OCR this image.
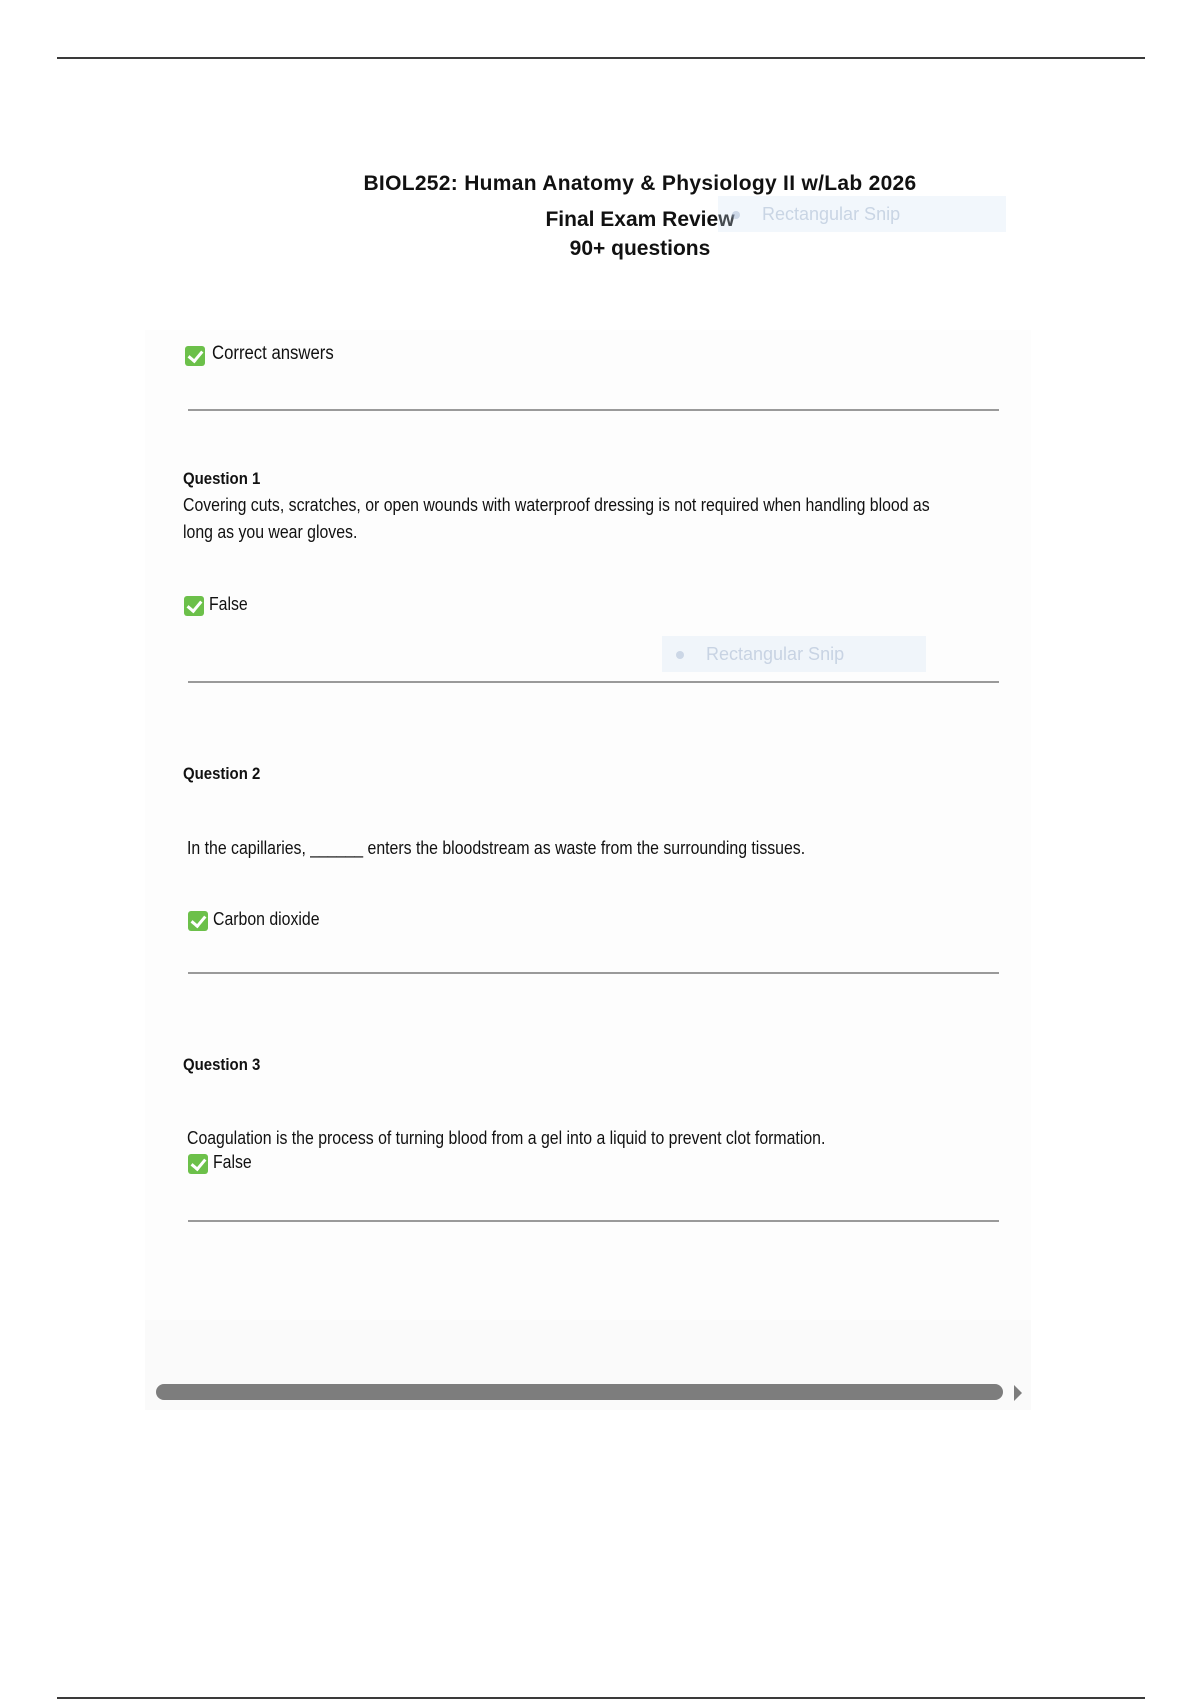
BIOL252: Human Anatomy & Physiology II w/Lab 2026
Final Exam Review
90+ questions
Rectangular Snip
Correct answers
Question 1
Covering cuts, scratches, or open wounds with waterproof dressing is not required when handling blood as
long as you wear gloves.
False
Rectangular Snip
Question 2
In the capillaries, ______ enters the bloodstream as waste from the surrounding tissues.
Carbon dioxide
Question 3
Coagulation is the process of turning blood from a gel into a liquid to prevent clot formation.
False
